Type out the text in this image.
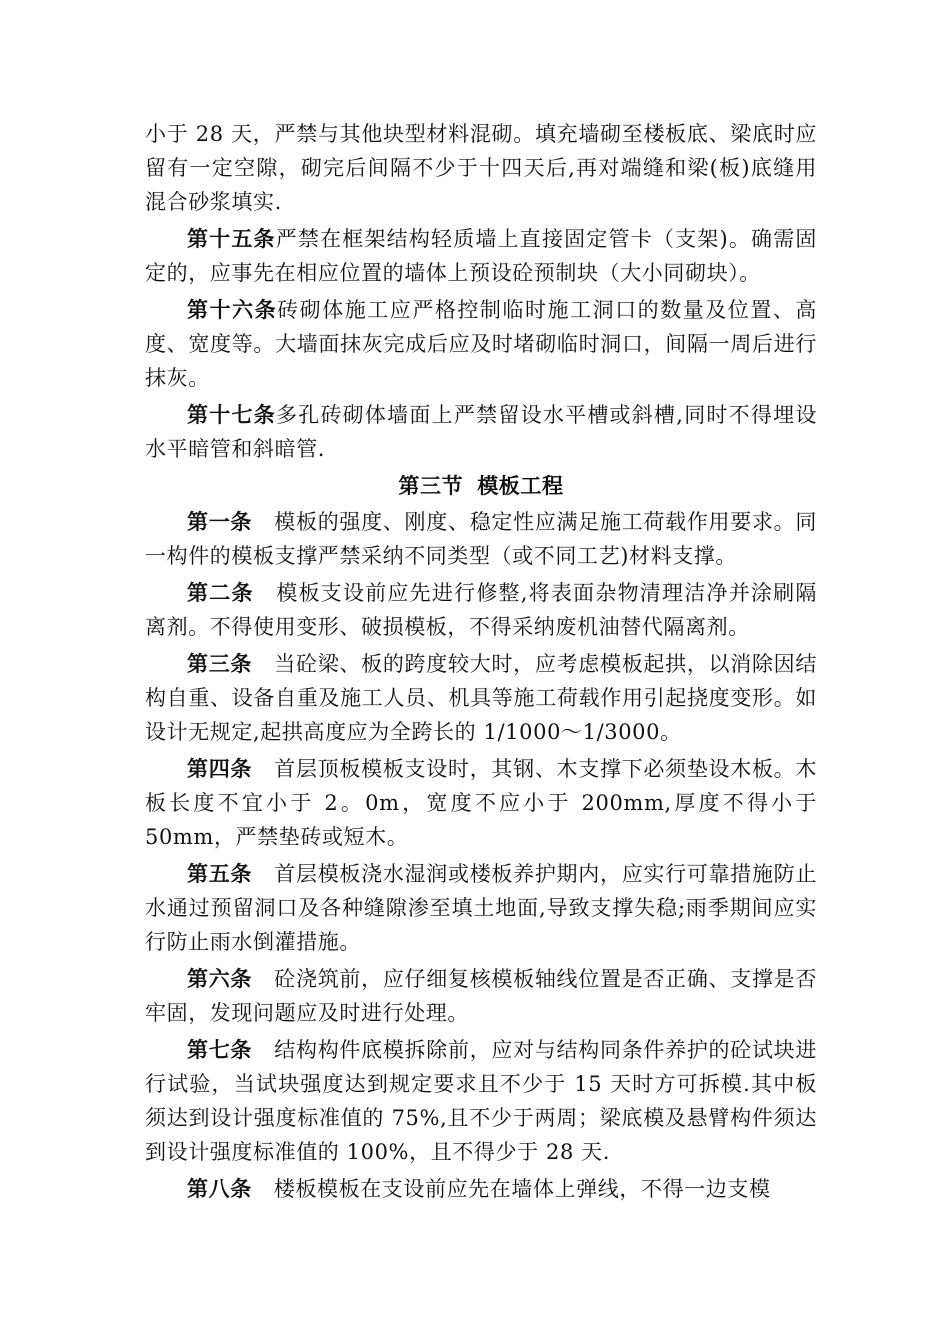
小于 28 天，严禁与其他块型材料混砌。填充墙砌至楼板底、梁底时应留有一定空隙，砌完后间隔不少于十四天后,再对端缝和梁(板)底缝用混合砂浆填实.

第十五条严禁在框架结构轻质墙上直接固定管卡（支架)。确需固定的，应事先在相应位置的墙体上预设砼预制块（大小同砌块）。

第十六条砖砌体施工应严格控制临时施工洞口的数量及位置、高度、宽度等。大墙面抹灰完成后应及时堵砌临时洞口，间隔一周后进行抹灰。

第十七条多孔砖砌体墙面上严禁留设水平槽或斜槽,同时不得埋设水平暗管和斜暗管.

第三节 模板工程

第一条 模板的强度、刚度、稳定性应满足施工荷载作用要求。同一构件的模板支撑严禁采纳不同类型（或不同工艺)材料支撑。

第二条 模板支设前应先进行修整,将表面杂物清理洁净并涂刷隔离剂。不得使用变形、破损模板，不得采纳废机油替代隔离剂。

第三条 当砼梁、板的跨度较大时，应考虑模板起拱，以消除因结构自重、设备自重及施工人员、机具等施工荷载作用引起挠度变形。如设计无规定,起拱高度应为全跨长的 1/1000～1/3000。

第四条 首层顶板模板支设时，其钢、木支撑下必须垫设木板。木板长度不宜小于 2。0m，宽度不应小于 200mm,厚度不得小于 50mm，严禁垫砖或短木。

第五条 首层模板浇水湿润或楼板养护期内，应实行可靠措施防止水通过预留洞口及各种缝隙渗至填土地面,导致支撑失稳;雨季期间应实行防止雨水倒灌措施。

第六条 砼浇筑前，应仔细复核模板轴线位置是否正确、支撑是否牢固，发现问题应及时进行处理。

第七条 结构构件底模拆除前，应对与结构同条件养护的砼试块进行试验，当试块强度达到规定要求且不少于 15 天时方可拆模.其中板须达到设计强度标准值的 75%,且不少于两周；梁底模及悬臂构件须达到设计强度标准值的 100%，且不得少于 28 天.

第八条 楼板模板在支设前应先在墙体上弹线，不得一边支模
